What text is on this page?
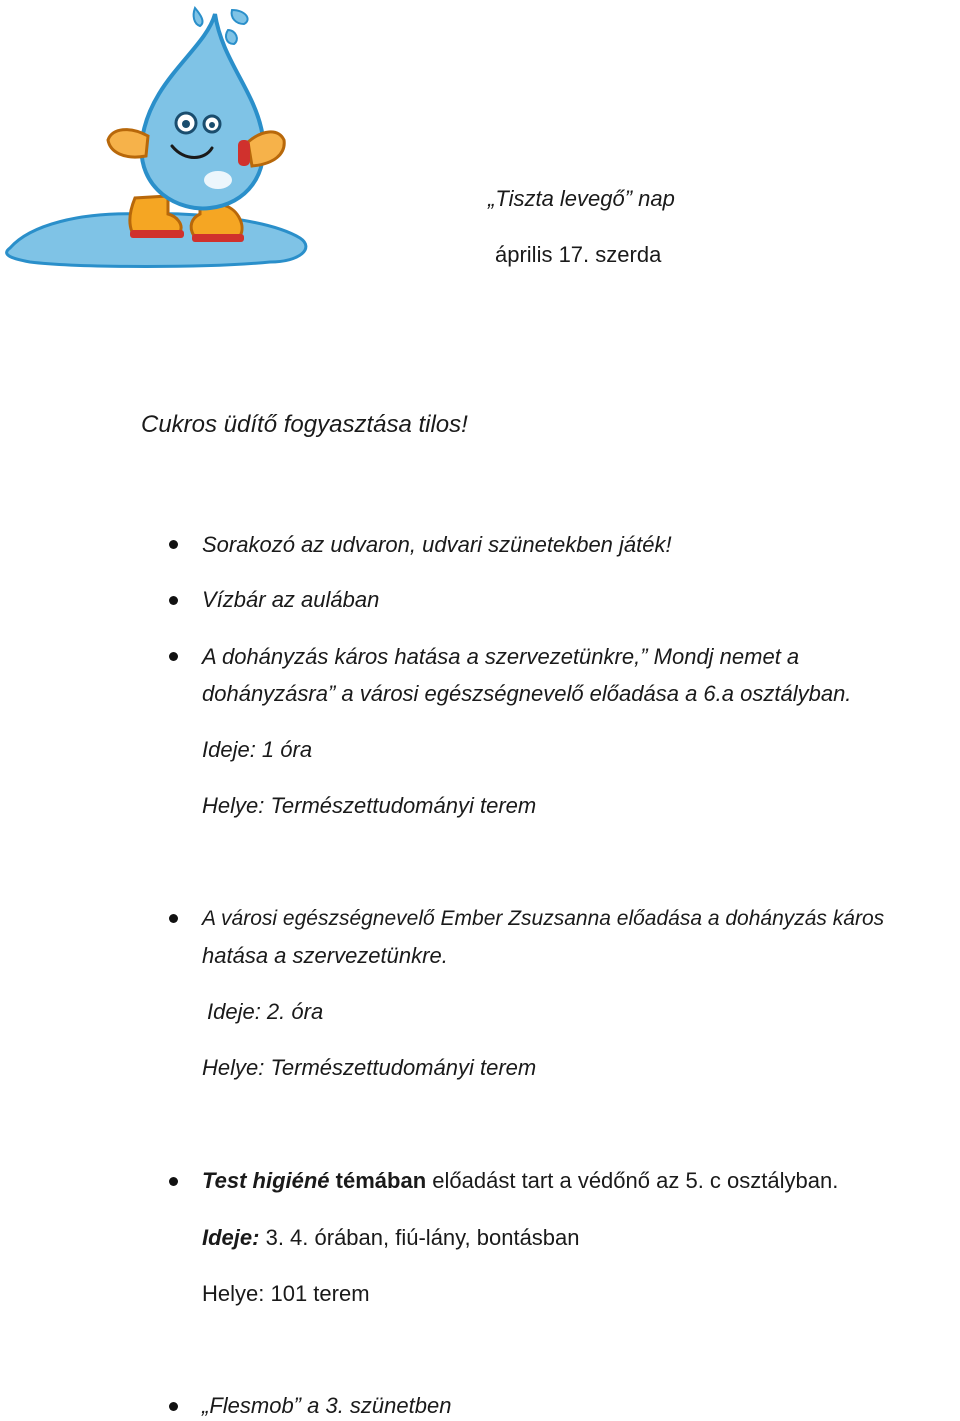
„Tiszta levegő” nap
április 17. szerda
Cukros üdítő fogyasztása tilos!
Sorakozó az udvaron, udvari szünetekben játék!
Vízbár az aulában
A dohányzás káros hatása a szervezetünkre,” Mondj nemet a
dohányzásra” a városi egészségnevelő előadása a 6.a osztályban.
Ideje: 1 óra
Helye: Természettudományi terem
A városi egészségnevelő Ember Zsuzsanna előadása a dohányzás káros
hatása a szervezetünkre.
Ideje: 2. óra
Helye: Természettudományi terem
Test higiéné témában előadást tart a védőnő az 5. c osztályban.
Ideje: 3. 4. órában, fiú-lány, bontásban
Helye: 101 terem
„Flesmob” a 3. szünetben
